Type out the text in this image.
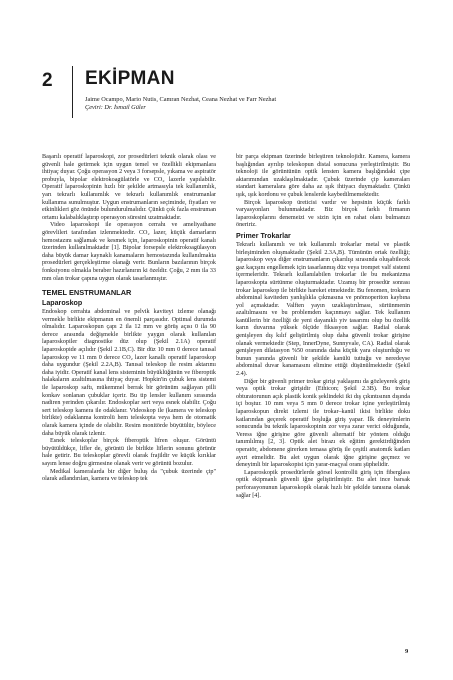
2 EKİPMAN
Jaime Ocampo, Mario Nutis, Camran Nezhat, Ceana Nezhat ve Farr Nezhat
Çeviri: Dr. İsmail Güler

Başarılı operatif laparoskopi, zor prosedürleri teknik olarak olası ve güvenli hale getirmek için uygun temel ve özellikli ekipmanlara ihtiyaç duyar. Çoğu operasyon 2 veya 3 forsepsle, yıkama ve aspiratör probuyla, bipolar elektrokoagülatörle ve CO₂ lazerle yapılabilir. Operatif laparoskopinin hızlı bir şekilde artmasıyla tek kullanımlık, yarı tekrarlı kullanımlık ve tekrarlı kullanımlık enstrumanlar kullanıma sunulmuştur. Uygun enstrumanların seçiminde, fiyatları ve etkinlikleri göz önünde bulundurulmalıdır. Çünkü çok fazla enstruman ortamı kalabalıklaştırıp operasyon süresini uzatmaktadır.

Video laparoskopi ile operasyon cerrahı ve ameliyathane görevlileri tarafından izlenmektedir. CO₂ lazer, küçük damarların hemostazını sağlamak ve kesmek için, laparoskopinin operatif kanalı üzerinden kullanılmaktadır [1]. Bipolar forsepsle elektrokoagülasyon daha büyük damar kaynaklı kanamaların hemostazında kullanılmakta prosedürleri gerçekleştirme olanağı verir. Bunların bazılarının birçok fonksiyonu olmakla beraber hazırlanırın ki özeldir. Çoğu, 2 mm ila 33 mm olan trokar çapına uygun olarak tasarlanmıştır.

TEMEL ENSTRUMANLAR
Laparoskop

Endoskop cerrahta abdominal ve pelvik kaviteyi izleme olanağı vermekle birlikte ekipmanın en önemli parçasıdır. Optimal durumda olmalıdır. Laparoskopun çapı 2 ila 12 mm ve görüş açısı 0 ila 90 derece arasında değişmekle birlikte yaygın olarak kullanılan laparoskopiler diagnostike düz olup (Şekil 2.1A) operatif laparoskopide açılıdır (Şekil 2.1B,C). Bir düz 10 mm 0 derece tanısal laparoskop ve 11 mm 0 derece CO₂ lazer kanallı operatif laparoskop daha uygundur (Şekil 2.2A,B). Tanısal teleskop ile resim aktarımı daha iyidir. Operatif kanal lens sisteminin büyüklüğünün ve fiberoptik halakaların azaltılmasına ihtiyaç duyar. Hopkin'in çubuk lens sistemi ile laparoskop saftı, mükemmel berrak bir görünüm sağlayan pilli konkav sonlanan çubuklar içerir. Bu tip lensler kullanım sırasında nadiren yerinden çıkarılır. Endoskoplar sert veya esnek olabilir. Çoğu sert teleskop kamera ile odaklanır. Videoskop ile (kamera ve teleskop birlikte) odaklanma kontrolü hem teleskopta veya hem de otomatik olarak kamera içinde de olabilir. Resim monitörde büyütülür, böylece daha büyük olarak izlenir.

Esnek teleskoplar birçok fiberoptik lifren oluşur. Görüntü büyütüldükçe, lifler de, görüntü ile birlikte liflerin sonunu görünür hale getirir. Bu teleskoplar görevli olarak frajildir ve küçük kırıklar sayım lense doğru girmesine olanak verir ve görüntü bozulur.

Medikal kameralarda bir diğer buluş da "çubuk üzerinde çip" olarak adlandırılan, kamera ve teleskop tek

bir parça ekipman üzerinde birleştiren teknolojidir. Kamera, kamera başlığından ayrılıp teleskopun distal sonucuna yerleştirilmiştir. Bu teknoloji ile görüntünün optik lensten kamera başlığındaki çipe aktarımından uzaklaşılmaktadır. Çubuk üzerinde çip kameraları standart kameralara göre daha az ışık ihtiyacı duymaktadır. Çünkü ışık, ışık kordonu ve çubuk lenslerde kaybedilmemektedir.

Birçok laparoskop üreticisi vardır ve hepsinin küçük farklı varyasyonları bulunmaktadır. Biz birçok farklı firmanın laparoskoplarını denemeizi ve sizin için en rahat olanı bulmanızı öneririz.

Primer Trokarlar

Tekrarlı kullanımlı ve tek kullanımlı trokarlar metal ve plastik birleşiminden oluşmaktadır (Şekil 2.3A,B). Tümünün ortak özelliği; laparoskop veya diğer enstrumanların çıkarılışı sırasında oluşabilecek gaz kaçışını engellemek için tasarlanmış düz veya trompet valf sistemi içermeleridir. Tekrarlı kullanılabilen trokarlar ile bu mekanizma laparoskopta sürtünme oluşturmaktadır. Uzamış bir prosedür sonrası trokar laparoskop ile birlikte hareket etmektedir. Bu fenomen, trokarın abdominal kaviteden yanlışlıkla çıkmasına ve pnömoperiton kaybına yol açmaktadır. Valften yayın uzaklaştırılması, sürtünmenin azaltılmasını ve bu problemden kaçınmayı sağlar. Tek kullanım kanüllerin bir özelliği de yeni dayanıklı yiv tasarımı olup bu özellik karın duvarına yüksek ölçüde fiksasyon sağlar. Radial olarak genişleyen dış kılıf geliştirilmiş olup daha güvenli trokar girişine olanak vermektedir (Step, InnerDyne, Sunnyvale, CA). Radial olarak genişleyen dilatasyon %50 oranında daha küçük yara oluşturduğu ve bunun yanında güvenli bir şekilde kanülü tuttuğu ve neredeyse abdominal duvar kanamasını elimine ettiği düşünülmektedir (Şekil 2.4).

Diğer bir güvenli primer trokar girişi yaklaşımı da gözleyerek giriş veya optik trokar girişidir (Ethicon; Şekil 2.3B). Bu trokar obturatorunun açık plastik konik şeklindeki iki dış çıkıntısının dışında içi boştur. 10 mm veya 5 mm 0 derece trokar içine yerleştirilmiş laparoskopun direkt izlemi ile trokar–kanül ikisi birlikte doku katlarından geçerek operatif boşluğa giriş yapar. İlk deneyimlerin sonucunda bu teknik laparoskopinin zor veya zarar verici olduğunda, Veress iğne girişine göre güvenli alternatif bir yöntem olduğu tanımlılmış [2, 3]. Optik alet birazı ek eğitim gerektirdiğinden operatör, abdomene girerken temasa görüş ile çeşitli anatomik katları ayırt etmelidir. Bu alet uygun olarak iğne girişine geçmez ve deneyimli bir laparoskopist için yarar-maçyal oranı şüphelidir.

Laparoskopik prosedürlerde görsel kontrollü giriş için fiberglass optik ekipmanlı güvenli iğne geliştirilmiştir. Bu alet ince barsak perforasyonunun laparoskopik olarak hızlı bir şekilde tanısına olanak sağlar [4].

9
